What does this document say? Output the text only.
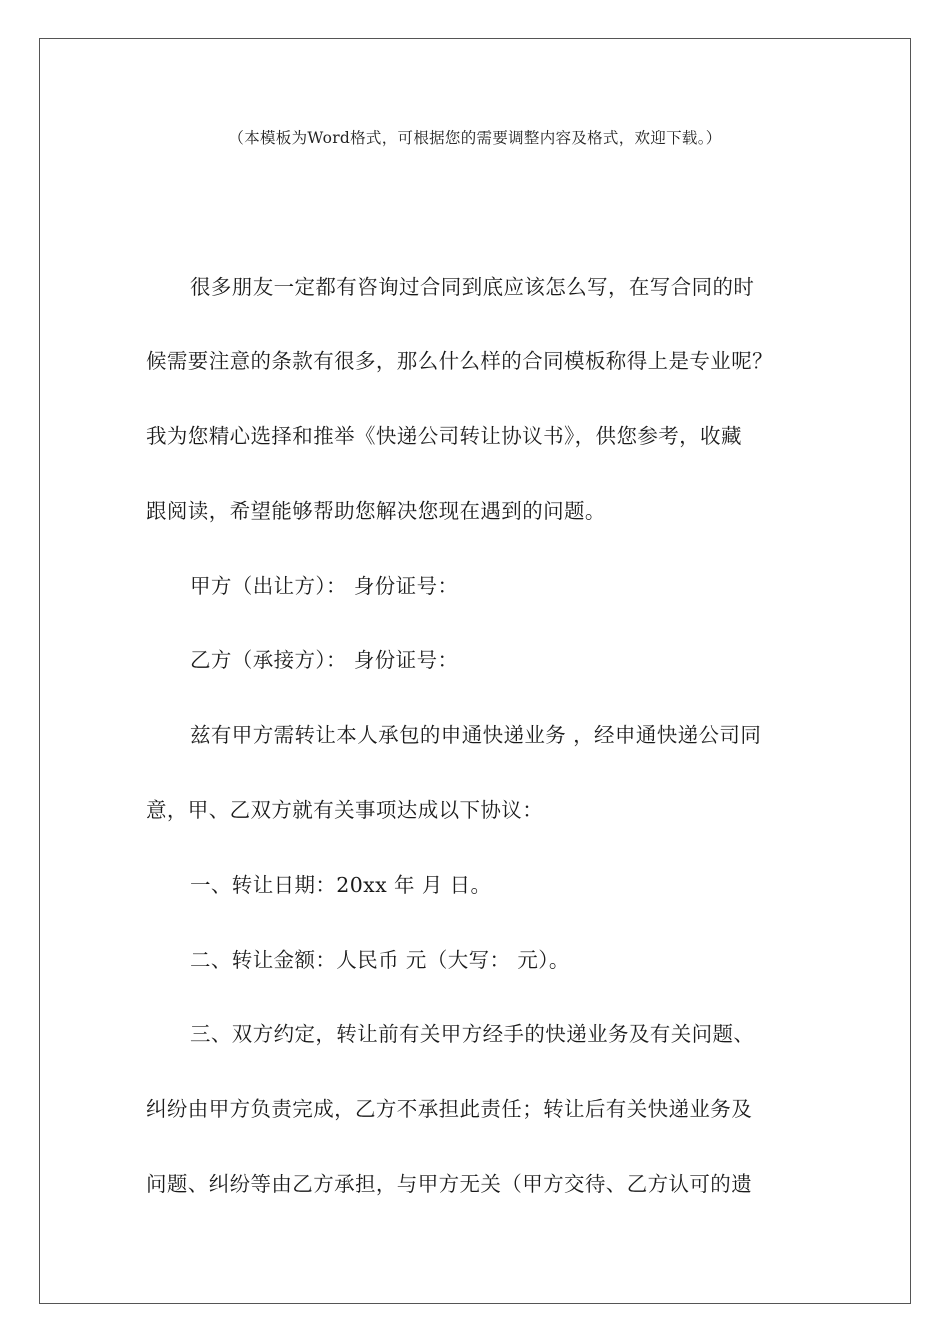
（本模板为Word格式，可根据您的需要调整内容及格式，欢迎下载。）
很多朋友一定都有咨询过合同到底应该怎么写，在写合同的时
候需要注意的条款有很多，那么什么样的合同模板称得上是专业呢？
我为您精心选择和推举《快递公司转让协议书》，供您参考，收藏
跟阅读，希望能够帮助您解决您现在遇到的问题。
甲方（出让方）： 身份证号：
乙方（承接方）： 身份证号：
兹有甲方需转让本人承包的申通快递业务 ，经申通快递公司同
意，甲、乙双方就有关事项达成以下协议：
一、转让日期：20xx 年 月 日。
二、转让金额：人民币 元（大写： 元）。
三、双方约定，转让前有关甲方经手的快递业务及有关问题、
纠纷由甲方负责完成，乙方不承担此责任；转让后有关快递业务及
问题、纠纷等由乙方承担，与甲方无关（甲方交待、乙方认可的遗
